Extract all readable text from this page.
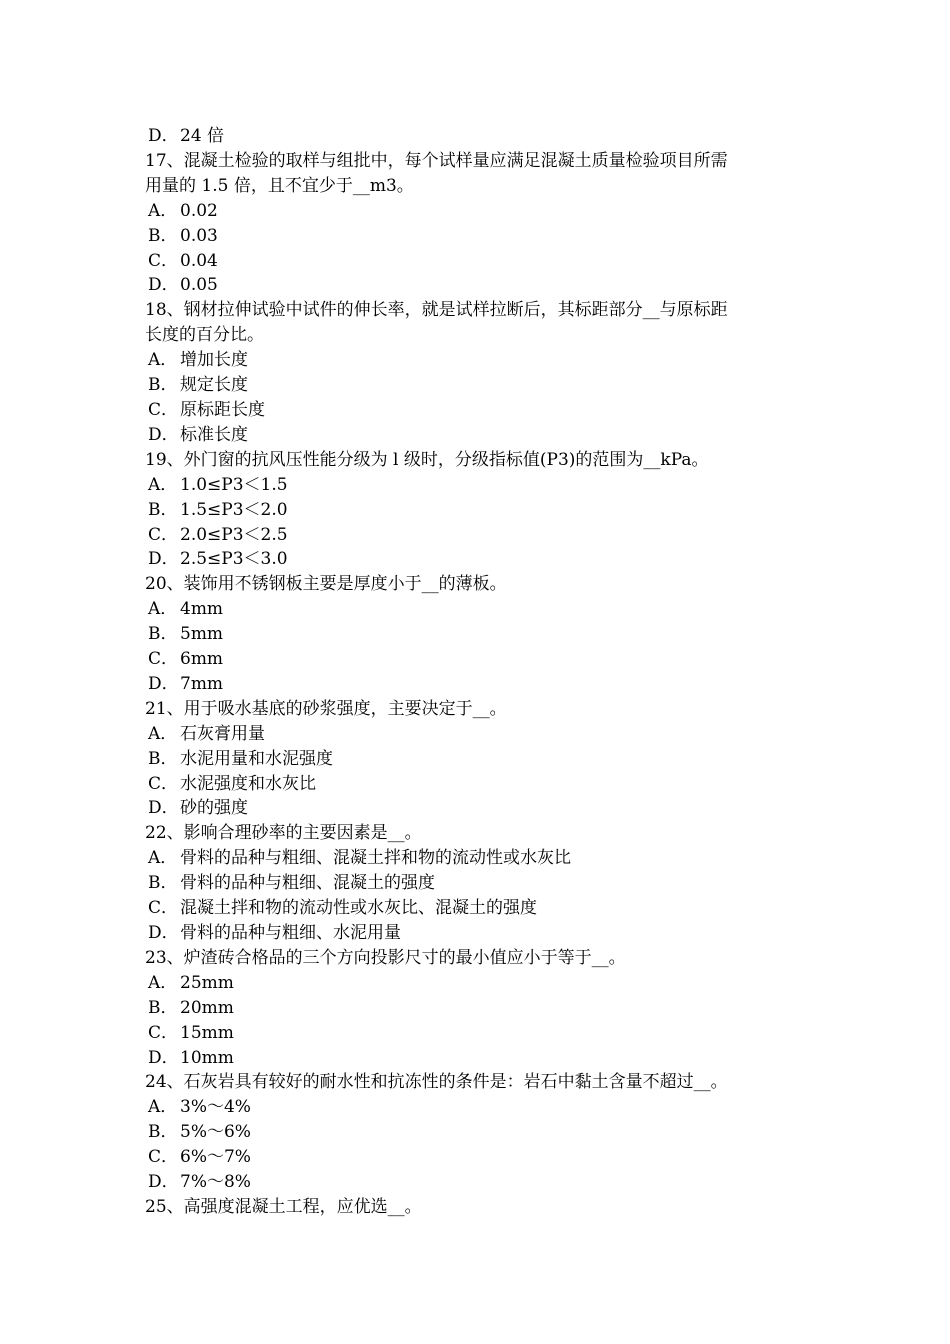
D．24 倍
17、混凝土检验的取样与组批中，每个试样量应满足混凝土质量检验项目所需
用量的 1.5 倍，且不宜少于__m3。
A． 0.02
B． 0.03
C． 0.04
D．0.05
18、钢材拉伸试验中试件的伸长率，就是试样拉断后，其标距部分__与原标距
长度的百分比。
A． 增加长度
B． 规定长度
C． 原标距长度
D．标准长度
19、外门窗的抗风压性能分级为 l 级时，分级指标值(P3)的范围为__kPa。
A． 1.0≤P3＜1.5
B． 1.5≤P3＜2.0
C． 2.0≤P3＜2.5
D．2.5≤P3＜3.0
20、装饰用不锈钢板主要是厚度小于__的薄板。
A． 4mm
B． 5mm
C． 6mm
D．7mm
21、用于吸水基底的砂浆强度，主要决定于__。
A． 石灰膏用量
B． 水泥用量和水泥强度
C． 水泥强度和水灰比
D．砂的强度
22、影响合理砂率的主要因素是__。
A． 骨料的品种与粗细、混凝土拌和物的流动性或水灰比
B． 骨料的品种与粗细、混凝土的强度
C． 混凝土拌和物的流动性或水灰比、混凝土的强度
D．骨料的品种与粗细、水泥用量
23、炉渣砖合格品的三个方向投影尺寸的最小值应小于等于__。
A． 25mm
B． 20mm
C． 15mm
D．10mm
24、石灰岩具有较好的耐水性和抗冻性的条件是：岩石中黏土含量不超过__。
A． 3%～4%
B． 5%～6%
C． 6%～7%
D．7%～8%
25、高强度混凝土工程，应优选__。
